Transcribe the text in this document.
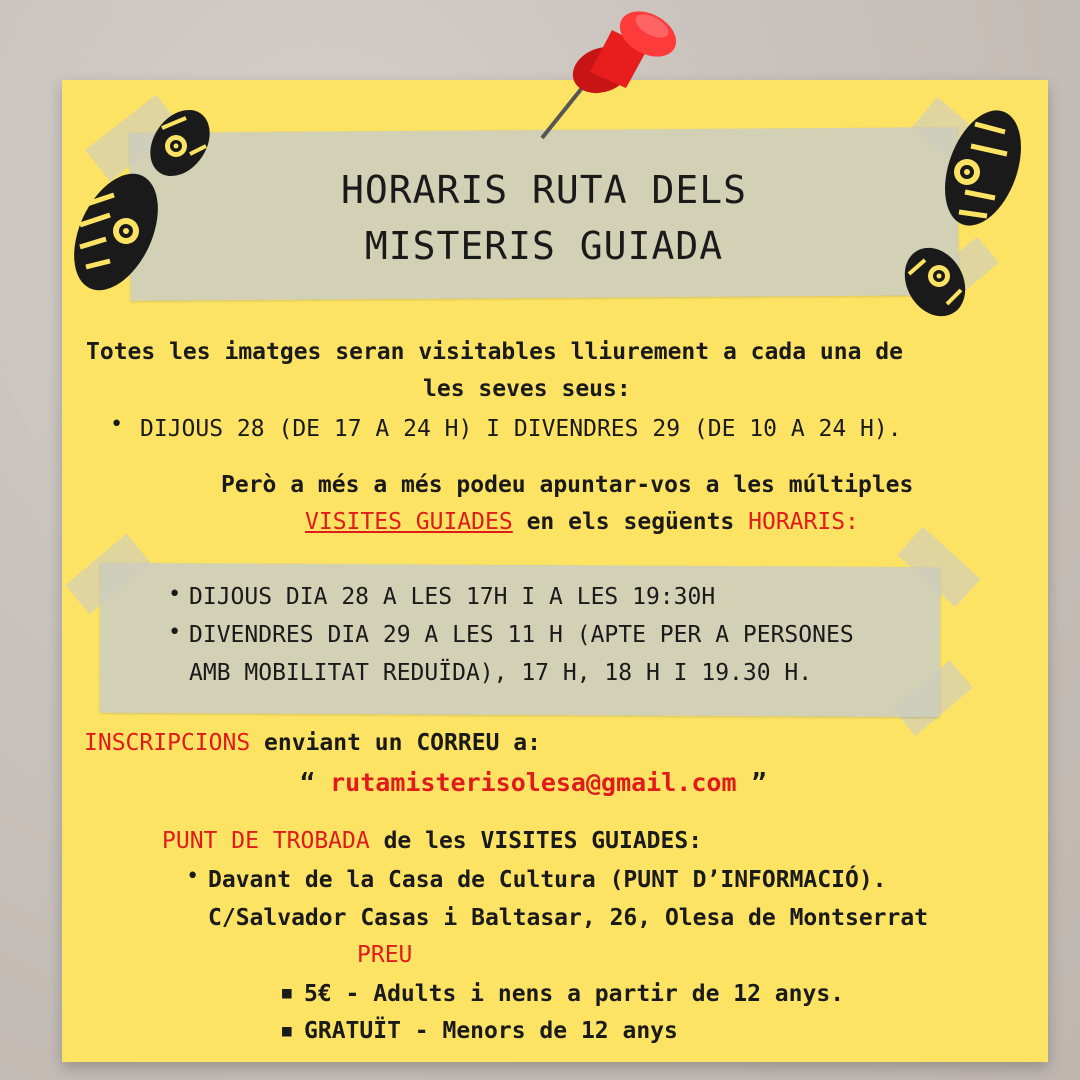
HORARIS RUTA DELS
MISTERIS GUIADA
Totes les imatges seran visitables lliurement a cada una de
les seves seus:
• DIJOUS 28 (DE 17 A 24 H) I DIVENDRES 29 (DE 10 A 24 H).
Però a més a més podeu apuntar-vos a les múltiples
VISITES GUIADES en els següents HORARIS:
• DIJOUS DIA 28 A LES 17H I A LES 19:30H
• DIVENDRES DIA 29 A LES 11 H (APTE PER A PERSONES
AMB MOBILITAT REDUÏDA), 17 H, 18 H I 19.30 H.
INSCRIPCIONS enviant un CORREU a:
“ rutamisterisolesa@gmail.com ”
PUNT DE TROBADA de les VISITES GUIADES:
• Davant de la Casa de Cultura (PUNT D’INFORMACIÓ).
C/Salvador Casas i Baltasar, 26, Olesa de Montserrat
PREU
■ 5€ - Adults i nens a partir de 12 anys.
■ GRATUÏT - Menors de 12 anys
